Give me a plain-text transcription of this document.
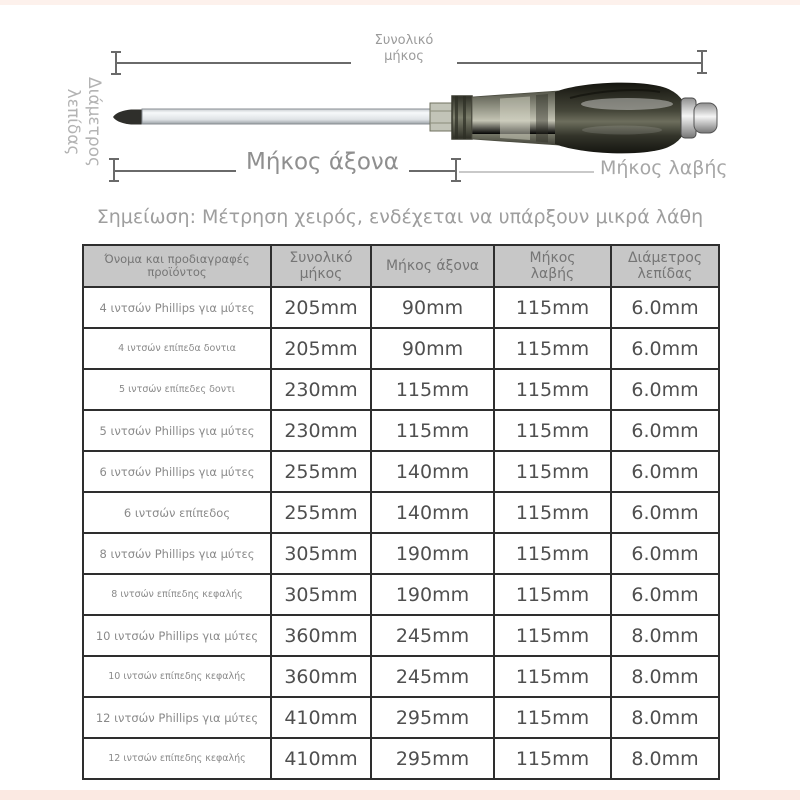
Διάμετρος
λεπίδας
Συνολικό
μήκος
Μήκος άξονα	Μήκος λαβής
Σημείωση: Μέτρηση χειρός, ενδέχεται να υπάρξουν μικρά λάθη
Όνομα και προδιαγραφές προϊόντος	Συνολικό μήκος	Μήκος άξονα	Μήκος λαβής	Διάμετρος λεπίδας
4 ιντσών Phillips για μύτες	205mm	90mm	115mm	6.0mm
4 ιντσών επίπεδα δοντια	205mm	90mm	115mm	6.0mm
5 ιντσών επίπεδες δοντι	230mm	115mm	115mm	6.0mm
5 ιντσών Phillips για μύτες	230mm	115mm	115mm	6.0mm
6 ιντσών Phillips για μύτες	255mm	140mm	115mm	6.0mm
6 ιντσών επίπεδος	255mm	140mm	115mm	6.0mm
8 ιντσών Phillips για μύτες	305mm	190mm	115mm	6.0mm
8 ιντσών επίπεδης κεφαλής	305mm	190mm	115mm	6.0mm
10 ιντσών Phillips για μύτες	360mm	245mm	115mm	8.0mm
10 ιντσών επίπεδης κεφαλής	360mm	245mm	115mm	8.0mm
12 ιντσών Phillips για μύτες	410mm	295mm	115mm	8.0mm
12 ιντσών επίπεδης κεφαλής	410mm	295mm	115mm	8.0mm
